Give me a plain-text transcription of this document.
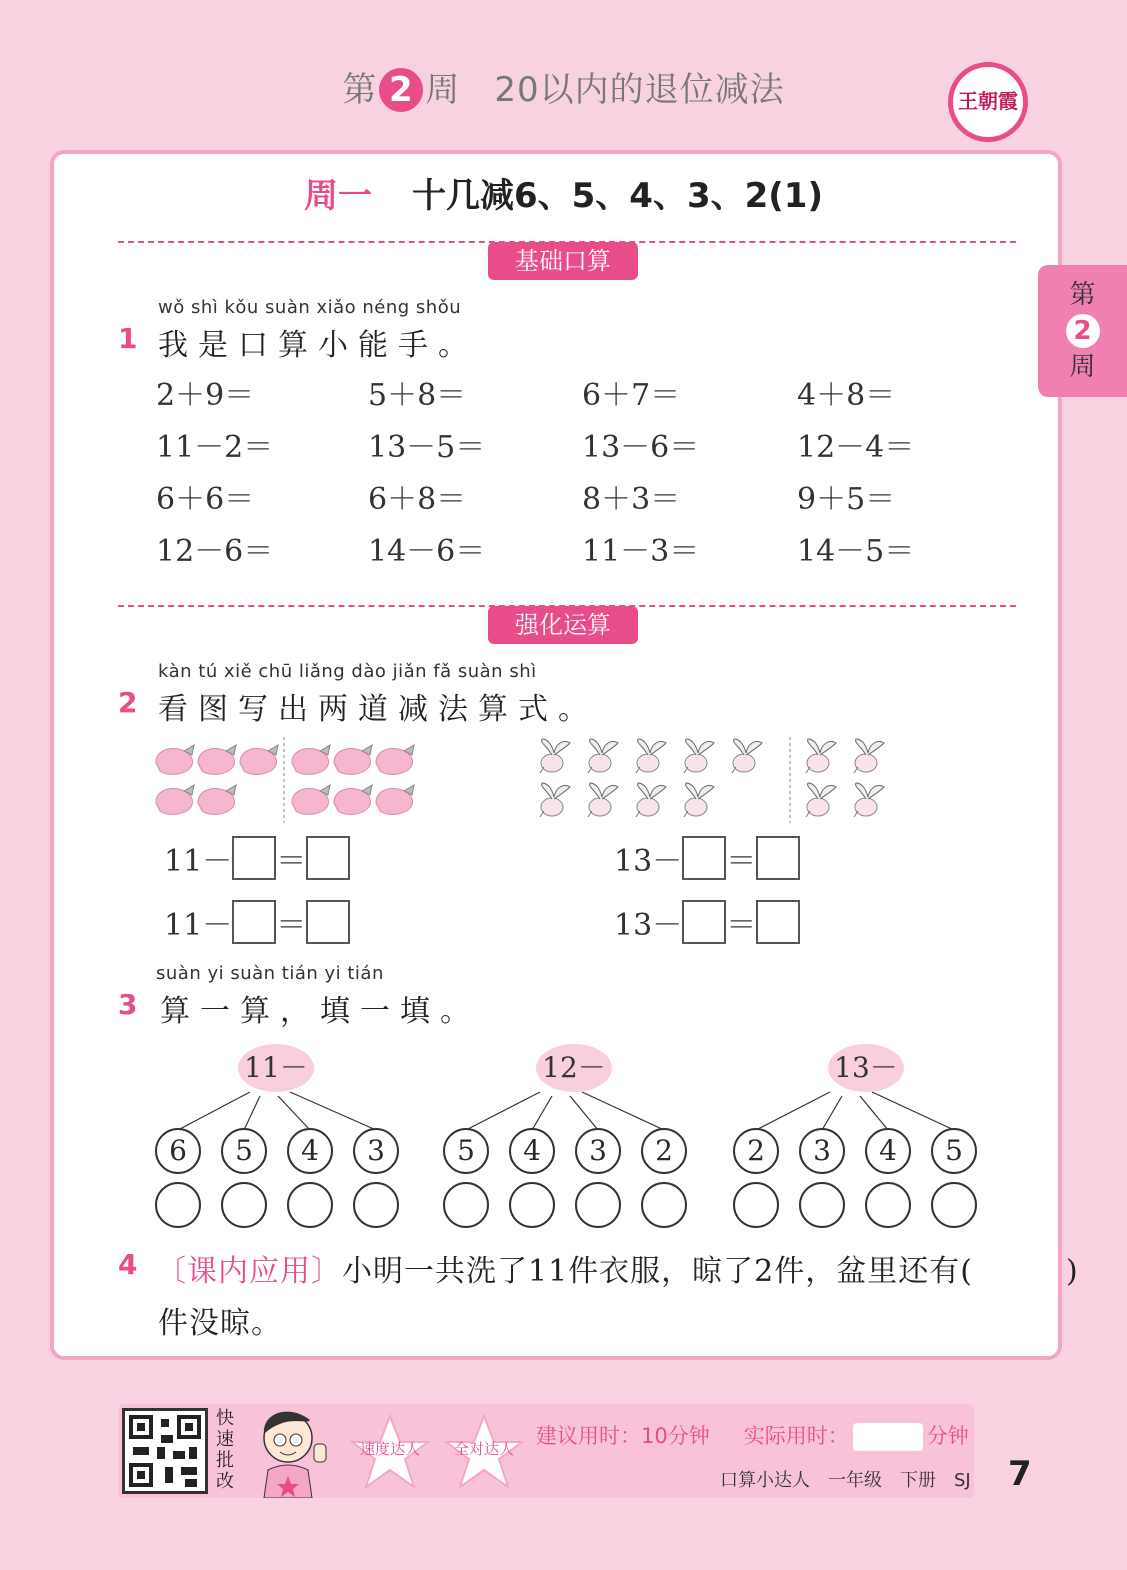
第 2 周 20以内的退位减法	王朝霞
第
2
周
周一 十几减6、5、4、3、2(1)
基础口算
wǒ shì kǒu suàn xiǎo néng shǒu
1 我是口算小能手。
2＋9＝	5＋8＝	6＋7＝	4＋8＝
11－2＝	13－5＝	13－6＝	12－4＝
6＋6＝	6＋8＝	8＋3＝	9＋5＝
12－6＝	14－6＝	11－3＝	14－5＝
强化运算
kàn tú xiě chū liǎng dào jiǎn fǎ suàn shì
2 看图写出两道减法算式。
11－ ＝
11－ ＝
13－ ＝
13－ ＝
suàn yi suàn tián yi tián
3 算一算，填一填。
11－
6	5	4	3
12－
5	4	3	2
13－
2	3	4	5
4 〔课内应用〕小明一共洗了11件衣服，晾了2件，盆里还有(　　　)
件没晾。
快速批改
速度达人 全对达人
建议用时：10分钟 实际用时：	分钟
口算小达人　一年级　下册　SJ 7
